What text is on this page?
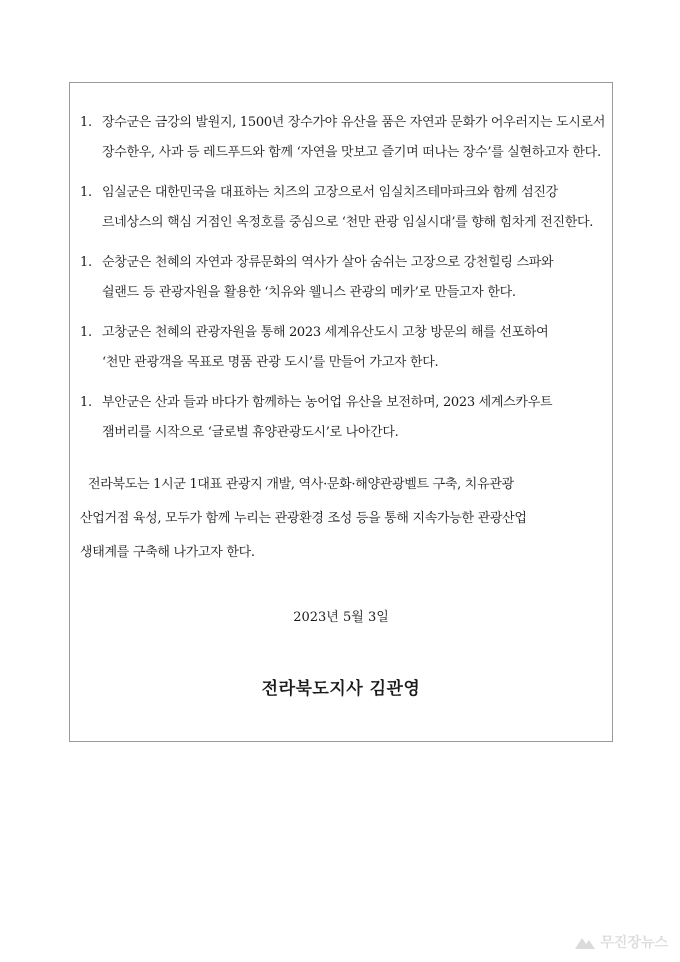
1. 장수군은 금강의 발원지, 1500년 장수가야 유산을 품은 자연과 문화가 어우러지는 도시로서
장수한우, 사과 등 레드푸드와 함께 ‘자연을 맛보고 즐기며 떠나는 장수’를 실현하고자 한다.
1. 임실군은 대한민국을 대표하는 치즈의 고장으로서 임실치즈테마파크와 함께 섬진강
르네상스의 핵심 거점인 옥정호를 중심으로 ‘천만 관광 임실시대’를 향해 힘차게 전진한다.
1. 순창군은 천혜의 자연과 장류문화의 역사가 살아 숨쉬는 고장으로 강천힐링 스파와
쉴랜드 등 관광자원을 활용한 ‘치유와 웰니스 관광의 메카’로 만들고자 한다.
1. 고창군은 천혜의 관광자원을 통해 2023 세계유산도시 고창 방문의 해를 선포하여
‘천만 관광객을 목표로 명품 관광 도시’를 만들어 가고자 한다.
1. 부안군은 산과 들과 바다가 함께하는 농어업 유산을 보전하며, 2023 세계스카우트
잼버리를 시작으로 ‘글로벌 휴양관광도시’로 나아간다.
전라북도는 1시군 1대표 관광지 개발, 역사·문화·해양관광벨트 구축, 치유관광
산업거점 육성, 모두가 함께 누리는 관광환경 조성 등을 통해 지속가능한 관광산업
생태계를 구축해 나가고자 한다.
2023년 5월 3일
전라북도지사 김관영
무진장뉴스
